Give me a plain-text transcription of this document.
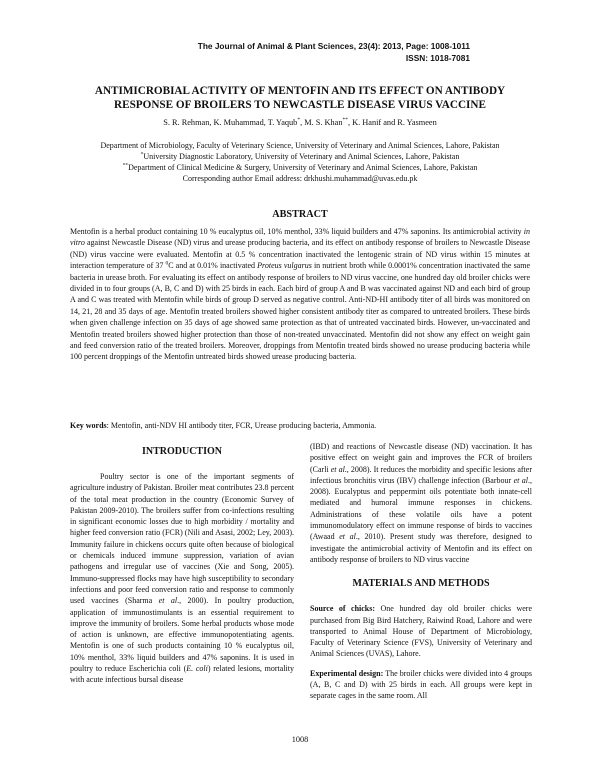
The Journal of Animal & Plant Sciences, 23(4): 2013, Page: 1008-1011
ISSN: 1018-7081
ANTIMICROBIAL ACTIVITY OF MENTOFIN AND ITS EFFECT ON ANTIBODY
RESPONSE OF BROILERS TO NEWCASTLE DISEASE VIRUS VACCINE
S. R. Rehman, K. Muhammad, T. Yaqub*, M. S. Khan**, K. Hanif and R. Yasmeen

Department of Microbiology, Faculty of Veterinary Science, University of Veterinary and Animal Sciences, Lahore, Pakistan

*University Diagnostic Laboratory, University of Veterinary and Animal Sciences, Lahore, Pakistan

**Department of Clinical Medicine & Surgery, University of Veterinary and Animal Sciences, Lahore, Pakistan

Corresponding author Email address: drkhushi.muhammad@uvas.edu.pk

ABSTRACT

Mentofin is a herbal product containing 10 % eucalyptus oil, 10% menthol, 33% liquid builders and 47% saponins. Its antimicrobial activity in vitro against Newcastle Disease (ND) virus and urease producing bacteria, and its effect on antibody response of broilers to Newcastle Disease (ND) virus vaccine were evaluated. Mentofin at 0.5 % concentration inactivated the lentogenic strain of ND virus within 15 minutes at interaction temperature of 37 $^0$C and at 0.01% inactivated Proteus vulgarus in nutrient broth while 0.0001% concentration inactivated the same bacteria in urease broth. For evaluating its effect on antibody response of broilers to ND virus vaccine, one hundred day old broiler chicks were divided in to four groups (A, B, C and D) with 25 birds in each. Each bird of group A and B was vaccinated against ND and each bird of group A and C was treated with Mentofin while birds of group D served as negative control. Anti-ND-HI antibody titer of all birds was monitored on 14, 21, 28 and 35 days of age. Mentofin treated broilers showed higher consistent antibody titer as compared to untreated broilers. These birds when given challenge infection on 35 days of age showed same protection as that of untreated vaccinated birds. However, un-vaccinated and Mentofin treated broilers showed higher protection than those of non-treated unvaccinated. Mentofin did not show any effect on weight gain and feed conversion ratio of the treated broilers. Moreover, droppings from Mentofin treated birds showed no urease producing bacteria while 100 percent droppings of the Mentofin untreated birds showed urease producing bacteria.

Key words: Mentofin, anti-NDV HI antibody titer, FCR, Urease producing bacteria, Ammonia.

INTRODUCTION

Poultry sector is one of the important segments of agriculture industry of Pakistan. Broiler meat contributes 23.8 percent of the total meat production in the country (Economic Survey of Pakistan 2009-2010). The broilers suffer from co-infections resulting in significant economic losses due to high morbidity / mortality and higher feed conversion ratio (FCR) (Nili and Asasi, 2002; Ley, 2003). Immunity failure in chickens occurs quite often because of biological or chemicals induced immune suppression, variation of avian pathogens and irregular use of vaccines (Xie and Song, 2005). Immuno-suppressed flocks may have high susceptibility to secondary infections and poor feed conversion ratio and response to commonly used vaccines (Sharma et al., 2000). In poultry production, application of immunostimulants is an essential requirement to improve the immunity of broilers. Some herbal products whose mode of action is unknown, are effective immunopotentiating agents. Mentofin is one of such products containing 10 % eucalyptus oil, 10% menthol, 33% liquid builders and 47% saponins. It is used in poultry to reduce Escherichia coli (E. coli) related lesions, mortality with acute infectious bursal disease

(IBD) and reactions of Newcastle disease (ND) vaccination. It has positive effect on weight gain and improves the FCR of broilers (Carli et al., 2008). It reduces the morbidity and specific lesions after infectious bronchitis virus (IBV) challenge infection (Barbour et al., 2008). Eucalyptus and peppermint oils potentiate both innate-cell mediated and humoral immune responses in chickens. Administrations of these volatile oils have a potent immunomodulatory effect on immune response of birds to vaccines (Awaad et al., 2010). Present study was therefore, designed to investigate the antimicrobial activity of Mentofin and its effect on antibody response of broilers to ND virus vaccine

MATERIALS AND METHODS

Source of chicks: One hundred day old broiler chicks were purchased from Big Bird Hatchery, Raiwind Road, Lahore and were transported to Animal House of Department of Microbiology, Faculty of Veterinary Science (FVS), University of Veterinary and Animal Sciences (UVAS), Lahore.

Experimental design: The broiler chicks were divided into 4 groups (A, B, C and D) with 25 birds in each. All groups were kept in separate cages in the same room. All

1008
